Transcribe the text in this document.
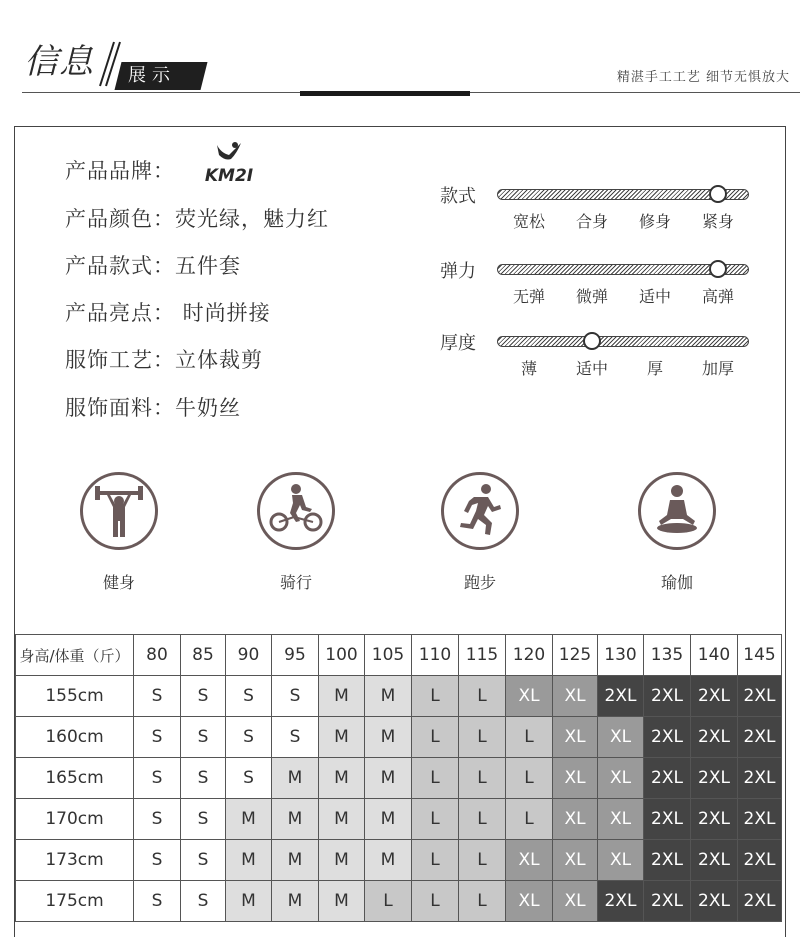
信息 展示	精湛手工工艺 细节无惧放大
产品品牌： KM2I
产品颜色：荧光绿，魅力红
产品款式：五件套
产品亮点： 时尚拼接
服饰工艺：立体裁剪
服饰面料：牛奶丝
款式
宽松	合身	修身	紧身
弹力
无弹	微弹	适中	高弹
厚度
薄	适中	厚	加厚
健身	骑行	跑步	瑜伽
身高/体重（斤）	80	85	90	95	100	105	110	115	120	125	130	135	140	145
155cm	S	S	S	S	M	M	L	L	XL	XL	2XL	2XL	2XL	2XL
160cm	S	S	S	S	M	M	L	L	L	XL	XL	2XL	2XL	2XL
165cm	S	S	S	M	M	M	L	L	L	XL	XL	2XL	2XL	2XL
170cm	S	S	M	M	M	M	L	L	L	XL	XL	2XL	2XL	2XL
173cm	S	S	M	M	M	M	L	L	XL	XL	XL	2XL	2XL	2XL
175cm	S	S	M	M	M	L	L	L	XL	XL	2XL	2XL	2XL	2XL
